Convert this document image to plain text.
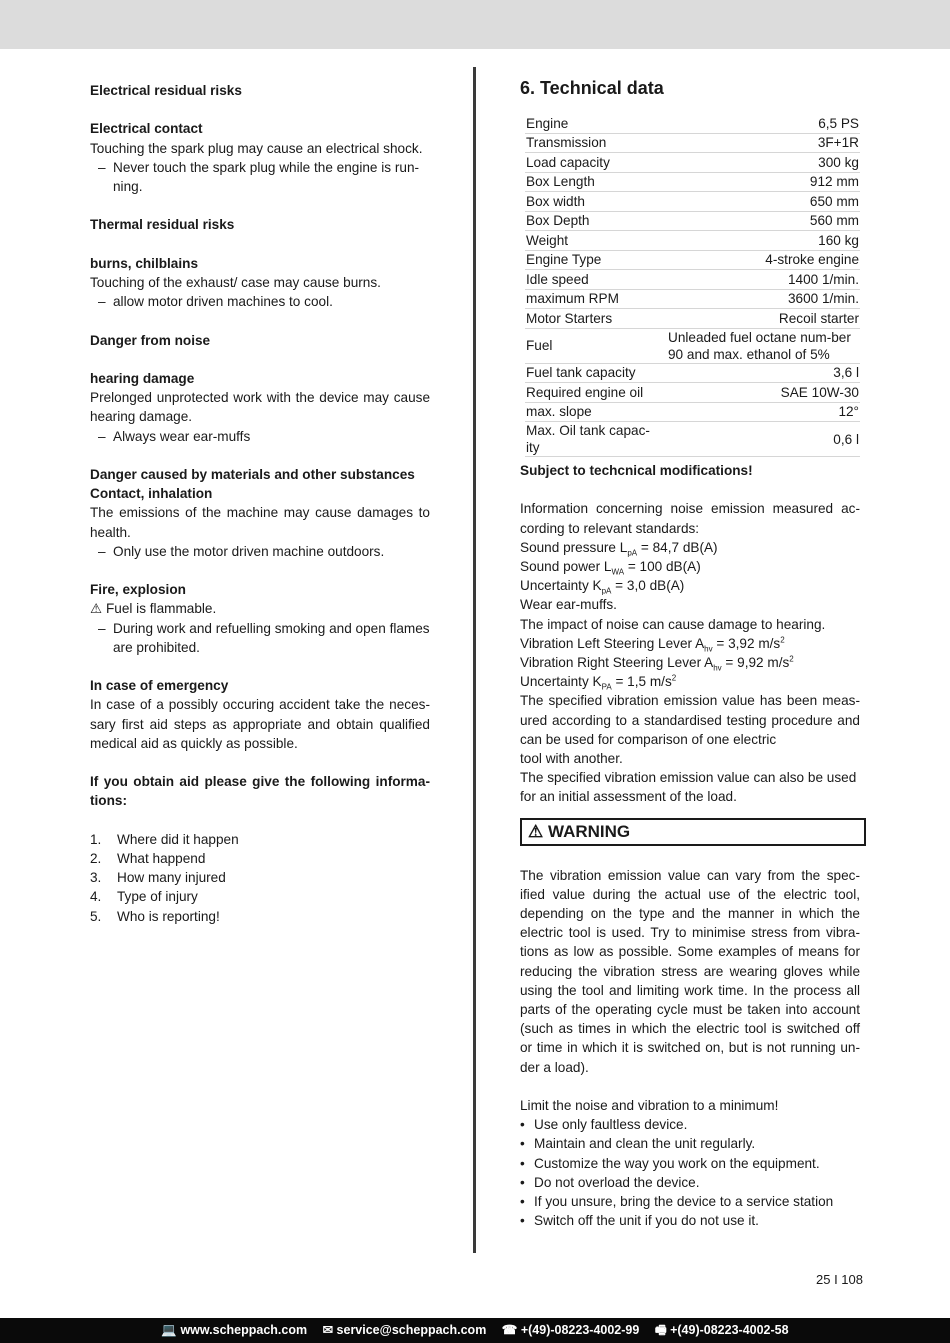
Electrical residual risks
Electrical contact
Touching the spark plug may cause an electrical shock.
– Never touch the spark plug while the engine is run-ning.
Thermal residual risks
burns, chilblains
Touching of the exhaust/ case may cause burns.
– allow motor driven machines to cool.
Danger from noise
hearing damage
Prelonged unprotected work with the device may cause hearing damage.
– Always wear ear-muffs
Danger caused by materials and other substances
Contact, inhalation
The emissions of the machine may cause damages to health.
– Only use the motor driven machine outdoors.
Fire, explosion
⚠ Fuel is flammable.
– During work and refuelling smoking and open flames are prohibited.
In case of emergency
In case of a possibly occuring accident take the neces-sary first aid steps as appropriate and obtain qualified medical aid as quickly as possible.
If you obtain aid please give the following informa-tions:
1. Where did it happen
2. What happend
3. How many injured
4. Type of injury
5. Who is reporting!
6. Technical data
Engine	6,5 PS
Transmission	3F+1R
Load capacity	300 kg
Box Length	912 mm
Box width	650 mm
Box Depth	560 mm
Weight	160 kg
Engine Type	4-stroke engine
Idle speed	1400 1/min.
maximum RPM	3600 1/min.
Motor Starters	Recoil starter
Fuel	Unleaded fuel octane num-ber 90 and max. ethanol of 5%
Fuel tank capacity	3,6 l
Required engine oil	SAE 10W-30
max. slope	12°
Max. Oil tank capac-ity	0,6 l
Subject to techcnical modifications!
Information concerning noise emission measured ac-cording to relevant standards:
Sound pressure $L_{pA} = 84,7$ dB(A)
Sound power $L_{WA} = 100$ dB(A)
Uncertainty $K_{pA} = 3,0$ dB(A)
Wear ear-muffs.
The impact of noise can cause damage to hearing.
Vibration Left Steering Lever $A_{hv} = 3,92$ $m/s^2$
Vibration Right Steering Lever $A_{hv} = 9,92$ $m/s^2$
Uncertainty $K_{PA} = 1,5$ $m/s^2$
The specified vibration emission value has been meas-ured according to a standardised testing procedure and can be used for comparison of one electric
tool with another.
The specified vibration emission value can also be used for an initial assessment of the load.
⚠ WARNING
The vibration emission value can vary from the spec-ified value during the actual use of the electric tool, depending on the type and the manner in which the electric tool is used. Try to minimise stress from vibra-tions as low as possible. Some examples of means for reducing the vibration stress are wearing gloves while using the tool and limiting work time. In the process all parts of the operating cycle must be taken into account (such as times in which the electric tool is switched off or time in which it is switched on, but is not running un-der a load).
Limit the noise and vibration to a minimum!
• Use only faultless device.
• Maintain and clean the unit regularly.
• Customize the way you work on the equipment.
• Do not overload the device.
• If you unsure, bring the device to a service station
• Switch off the unit if you do not use it.
25 I 108
💻 www.scheppach.com ✉ service@scheppach.com ☎ +(49)-08223-4002-99 🖷 +(49)-08223-4002-58
